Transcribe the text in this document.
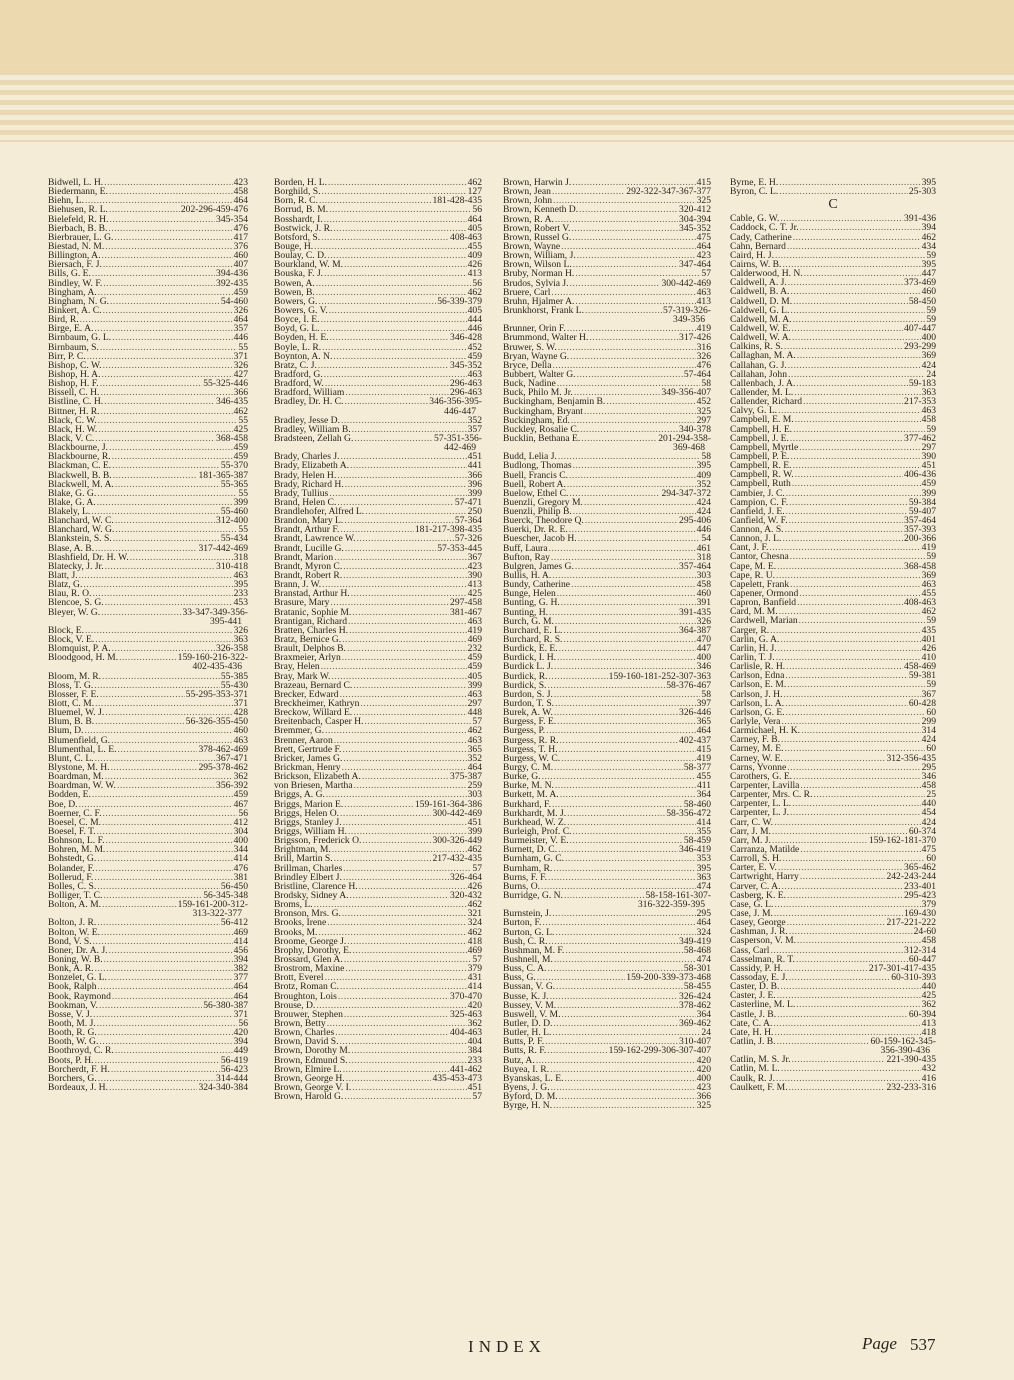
Bidwell, L. H. .....	423
Biedermann, E. .....	458
Biehn, L. .....	464
Biehusen, R. L. .....	202-296-459-476
Bielefeld, R. H. .....	345-354
Bierbach, B. B. .....	476
Bierbrauer, L. G. .....	417
Biestad, N. M. .....	376
Billington, A. .....	460
Biersach, F. J. .....	407
Bills, G. E. .....	394-436
Bindley, W. F. .....	392-435
Bingham, A. .....	459
Bingham, N. G. .....	54-460
Binkert, A. C. .....	326
Bird, R. .....	464
Birge, E. A. .....	357
Birnbaum, G. L. .....	446
Birnbaum, S. .....	55
Birr, P. C. .....	371
Bishop, C. W. .....	326
Bishop, H. A. .....	427
Bishop, H. F. .....	55-325-446
Bissell, C. H. .....	366
Bistline, C. H. .....	346-435
Bittner, H. R. .....	462
Black, C. W. .....	55
Black, H. W. .....	425
Black, V. C. .....	368-458
Blackbourne, J. .....	459
Blackbourne, R. .....	459
Blackman, C. E. .....	55-370
Blackwell, B. B. .....	181-365-387
Blackwell, M. A. .....	55-365
Blake, G. G. .....	55
Blake, G. A. .....	399
Blakely, L. .....	55-460
Blanchard, W. C. .....	312-400
Blanchard, W. G. .....	55
Blankstein, S. S. .....	55-434
Blase, A. B. .....	317-442-469
Blashfield, Dr. H. W. .....	318
Blatecky, J. Jr. .....	310-418
Blatt, J. .....	463
Blatz, G. .....	395
Blau, R. O. .....	233
Blencoe, S. G. .....	453
Bleyer, W. G. .....	33-347-349-356-
395-441
Block, E. .....	326
Block, V. E. .....	363
Blomquist, P. A. .....	326-358
Bloodgood, H. M. .....	159-160-216-322-
402-435-436
Bloom, M. R. .....	55-385
Bloss, T. G. .....	55-430
Blosser, F. E. .....	55-295-353-371
Blott, C. M. .....	371
Bluemel, W. J. .....	428
Blum, B. B. .....	56-326-355-450
Blum, D. .....	460
Blumenfield, G. .....	463
Blumenthal, L. E. .....	378-462-469
Blunt, C. L. .....	367-471
Blystone, M. H. .....	295-378-462
Boardman, M. .....	362
Boardman, W. W. .....	356-392
Bodden, E. .....	459
Boe, D. .....	467
Boerner, C. F. .....	56
Boesel, C. M. .....	412
Boesel, F. T. .....	304
Bohnson, L. F. .....	400
Bohren, M. M. .....	344
Bohstedt, G. .....	414
Bolander, F. .....	476
Bollerud, F. .....	381
Bolles, C. S. .....	56-450
Bolliger, T. C. .....	56-345-348
Bolton, A. M. .....	159-161-200-312-
313-322-377
Bolton, J. R. .....	56-412
Bolton, W. E. .....	469
Bond, V. S. .....	414
Boner, Dr. A. J. .....	456
Boning, W. B. .....	394
Bonk, A. R. .....	382
Bonzelet, G. L. .....	377
Book, Ralph .....	464
Book, Raymond .....	464
Bookman, V. .....	56-380-387
Bosse, V. J. .....	371
Booth, M. J. .....	56
Booth, R. G. .....	420
Booth, W. G. .....	394
Boothroyd, C. R. .....	449
Boots, P. H. .....	56-419
Borcherdt, F. H. .....	56-423
Borchers, G. .....	314-444
Bordeaux, J. H. .....	324-340-384
Borden, H. L. .....	462
Borghild, S. .....	127
Born, R. C. .....	181-428-435
Borrud, B. M. .....	56
Bosshardt, I. .....	464
Bostwick, J. R. .....	405
Botsford, S. .....	408-463
Bouge, H. .....	455
Boulay, C. D. .....	409
Bourkland, W. M. .....	426
Bouska, F. J. .....	413
Bowen, A. .....	56
Bowen, B. .....	462
Bowers, G. .....	56-339-379
Bowers, G. V. .....	405
Boyce, I. E. .....	444
Boyd, G. L. .....	446
Boyden, H. E. .....	346-428
Boyle, L. R. .....	452
Boynton, A. N. .....	459
Bratz, C. J. .....	345-352
Bradford, G. .....	463
Bradford, W. .....	296-463
Bradford, William .....	296-463
Bradley, Dr. H. C. .....	346-356-395-
446-447
Bradley, Jesse D. .....	352
Bradley, William B. .....	357
Bradsteen, Zellah G. .....	57-351-356-
442-469
Brady, Charles J. .....	451
Brady, Elizabeth A. .....	441
Brady, Helen H. .....	366
Brady, Richard H. .....	396
Brady, Tullius .....	399
Brand, Helen C. .....	57-471
Brandlehofer, Alfred L. .....	250
Brandon, Mary L. .....	57-364
Brandt, Arthur F. .....	181-217-398-435
Brandt, Lawrence W. .....	57-326
Brandt, Lucille G. .....	57-353-445
Brandt, Marion .....	367
Brandt, Myron C. .....	423
Brandt, Robert R. .....	390
Brann, J. W. .....	413
Branstad, Arthur H. .....	425
Brasure, Mary .....	297-458
Bratanic, Sophie M. .....	381-467
Brantigan, Richard .....	463
Bratten, Charles H. .....	419
Bratz, Bernice G. .....	469
Brault, Delphos B. .....	232
Braxmeier, Arlyn .....	459
Bray, Helen .....	459
Bray, Mark W. .....	405
Brazeau, Bernard C. .....	399
Brecker, Edward .....	463
Breckheimer, Kathryn .....	297
Breckow, Willard E. .....	448
Breitenbach, Casper H. .....	57
Bremmer, G. .....	462
Brenner, Aaron .....	463
Brett, Gertrude F. .....	365
Bricker, James G. .....	352
Brickman, Henry .....	464
Brickson, Elizabeth A. .....	375-387
von Briesen, Martha .....	259
Briggs, A. G. .....	303
Briggs, Marion E. .....	159-161-364-386
Briggs, Helen O. .....	300-442-469
Briggs, Stanley J. .....	451
Briggs, William H. .....	399
Brigsson, Frederick O. .....	300-326-449
Brightman, M. .....	462
Brill, Martin S. .....	217-432-435
Brillman, Charles .....	57
Brindley Elbert J. .....	326-464
Bristline, Clarence H. .....	426
Brodsky, Sidney A. .....	320-432
Broms, L. .....	462
Bronson, Mrs. G. .....	321
Brooks, Irene .....	324
Brooks, M. .....	462
Broome, George J. .....	418
Brophy, Dorothy, E. .....	469
Brossard, Glen A. .....	57
Brostrom, Maxine .....	379
Brott, Everel .....	431
Brotz, Roman C. .....	414
Broughton, Lois .....	370-470
Brouse, D. .....	420
Brouwer, Stephen .....	325-463
Brown, Betty .....	362
Brown, Charles .....	404-463
Brown, David S. .....	404
Brown, Dorothy M. .....	384
Brown, Edmund S. .....	233
Brown, Elmire L. .....	441-462
Brown, George H. .....	435-453-473
Brown, George V. I. .....	451
Brown, Harold G. .....	57
Brown, Harwin J. .....	415
Brown, Jean .....	292-322-347-367-377
Brown, John .....	325
Brown, Kenneth D. .....	320-412
Brown, R. A. .....	304-394
Brown, Robert V. .....	345-352
Brown, Russel G. .....	475
Brown, Wayne .....	464
Brown, William, J. .....	423
Brown, Wilson L. .....	347-464
Bruby, Norman H. .....	57
Brudos, Sylvia J. .....	300-442-469
Bruere, Carl .....	463
Bruhn, Hjalmer A. .....	413
Brunkhorst, Frank L. .....	57-319-326-
349-356
Brunner, Orin F. .....	419
Brummond, Walter H. .....	317-426
Bruwer, S. W. .....	316
Bryan, Wayne G. .....	326
Bryce, Della .....	476
Bubbert, Walter G. .....	57-464
Buck, Nadine .....	58
Buck, Philo M. Jr. .....	349-356-407
Buckingham, Benjamin B. .....	452
Buckingham, Bryant .....	325
Buckingham, Ed. .....	297
Buckley, Rosalie C. .....	340-378
Bucklin, Bethana E. .....	201-294-358-
369-468
Budd, Lelia J. .....	58
Budlong, Thomas .....	395
Buell, Francis C. .....	409
Buell, Robert A. .....	352
Buelow, Ethel C. .....	294-347-372
Buenzli, Gregory M. .....	424
Buenzli, Philip B. .....	424
Buerck, Theodore Q. .....	295-406
Buerki, Dr. R. E. .....	446
Buescher, Jacob H. .....	54
Buff, Laura .....	461
Bufton, Ray .....	318
Bulgren, James G. .....	357-464
Bullis, H. A. .....	303
Bundy, Catherine .....	458
Bunge, Helen .....	460
Bunting, G. H. .....	391
Bunting, H. .....	391-435
Burch, G. M. .....	326
Burchard, E. L. .....	364-387
Burchard, R. S. .....	470
Burdick, E. E. .....	447
Burdick, I. H. .....	400
Burdick L. J. .....	346
Burdick, R. .....	159-160-181-252-307-363
Burdick, S. .....	58-376-467
Burdon, S. J. .....	58
Burdon, T. S. .....	397
Burek, A. W. .....	326-446
Burgess, F. E. .....	365
Burgess, P. .....	464
Burgess, R. R. .....	402-437
Burgess, T. H. .....	415
Burgess, W. C. .....	419
Burgy, C. M. .....	58-377
Burke, G. .....	455
Burke, M. N. .....	411
Burkett, M. A. .....	364
Burkhard, F. .....	58-460
Burkhardt, M. J. .....	58-356-472
Burkhead, W. Z. .....	414
Burleigh, Prof. C. .....	355
Burmeister, V. E. .....	58-459
Burnett, D. C. .....	346-419
Burnham, G. C. .....	353
Burnham, R. .....	395
Burns, F. F. .....	363
Burns, O. .....	474
Burridge, G. N. .....	58-158-161-307-
316-322-359-395
Burnstein, J. .....	295
Burton, F. .....	464
Burton, G. L. .....	324
Bush, C. R. .....	349-419
Bushman, M. F. .....	58-468
Bushnell, M. .....	474
Buss, C. A. .....	58-301
Buss, G. .....	159-200-339-373-468
Bussan, V. G. .....	58-455
Busse, K. J. .....	326-424
Bussey, V. M. .....	378-462
Buswell, V. M. .....	364
Butler, D. D. .....	369-462
Butler, H. L. .....	24
Butts, P. F. .....	310-407
Butts, R. F. .....	159-162-299-306-307-407
Butz, A. .....	420
Buyea, I. R. .....	420
Byanskas, L. E. .....	400
Byens, J. G. .....	423
Byford, D. M. .....	366
Byrge, H. N. .....	325
Byrne, E. H. .....	395
Byron, C. L. .....	25-303
C
Cable, G. W. .....	391-436
Caddock, C. T. Jr. .....	394
Cady, Catherine .....	462
Cahn, Bernard .....	434
Caird, H. J. .....	59
Cairns, W. B. .....	395
Calderwood, H. N. .....	447
Caldwell, A. J. .....	373-469
Caldwell, B. A. .....	460
Caldwell, D. M. .....	58-450
Caldwell, G. L. .....	59
Caldwell, M. A. .....	59
Caldwell, W. E. .....	407-447
Caldwell, W. A. .....	400
Calkins, R. S. .....	293-299
Callaghan, M. A. .....	369
Callahan, G. J. .....	424
Callahan, John .....	24
Callenbach, J. A. .....	59-183
Callender, M. L. .....	363
Callender, Richard .....	217-353
Calvy, G. L. .....	463
Campbell, E. M. .....	458
Campbell, H. E. .....	59
Campbell, J. E. .....	377-462
Campbell, Myrtle .....	297
Campbell, P. E. .....	390
Campbell, R. E. .....	451
Campbell, R. W. .....	406-436
Campbell, Ruth .....	459
Cambier, J. C. .....	399
Campion, C. F. .....	59-384
Canfield, J. E. .....	59-407
Canfield, W. F. .....	357-464
Cannon, A. S. .....	357-393
Cannon, J. L. .....	200-366
Cant, J. F. .....	419
Cantor, Chesna .....	59
Cape, M. E. .....	368-458
Cape, R. U. .....	369
Capelett, Frank .....	463
Capener, Ormond .....	455
Capron, Banfield .....	408-463
Card, M. M. .....	462
Cardwell, Marian .....	59
Carger, R. .....	435
Carlin, G. A. .....	401
Carlin, H. J. .....	426
Carlin, T. J. .....	410
Carlisle, R. H. .....	458-469
Carlson, Edna .....	59-381
Carlson, E. M. .....	59
Carlson, J. H. .....	367
Carlson, L. A. .....	60-428
Carlson, G. E. .....	60
Carlyle, Vera .....	299
Carmichael, H. K. .....	314
Carney, F. B. .....	424
Carney, M. E. .....	60
Carney, W. E. .....	312-356-435
Carns, Yvonne .....	295
Carothers, G. E. .....	346
Carpenter, Lavilla .....	458
Carpenter, Mrs. C. R. .....	25
Carpenter, L. L. .....	440
Carpenter, L. J. .....	454
Carr, C. W. .....	424
Carr, J. M. .....	60-374
Carr, M. J. .....	159-162-181-370
Carranza, Matilde .....	475
Carroll, S. H. .....	60
Carter, E. V. .....	365-462
Cartwright, Harry .....	242-243-244
Carver, C. A. .....	233-401
Casberg, K. E. .....	295-423
Case, G. L. .....	379
Case, J. M. .....	169-430
Casey, George .....	217-221-222
Cashman, J. R. .....	24-60
Casperson, V. M. .....	458
Cass, Carl .....	312-314
Casselman, R. T. .....	60-447
Cassidy, P. H. .....	217-301-417-435
Cassoday, E. J. .....	60-310-393
Caster, D. B. .....	440
Caster, J. E. .....	425
Casterline, M. L. .....	362
Castle, J. B. .....	60-394
Cate, C. A. .....	413
Cate, H. H. .....	418
Catlin, J. B. .....	60-159-162-345-
356-390-436
Catlin, M. S. Jr. .....	221-390-435
Catlin, M. L. .....	432
Caulk, R. J. .....	416
Caulkett, F. M. .....	232-233-316
INDEX	Page 537
